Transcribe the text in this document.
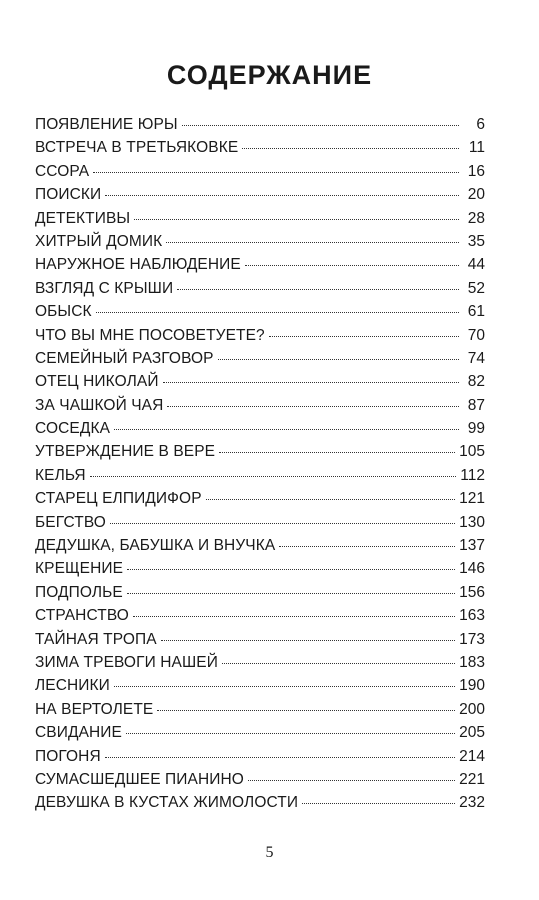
СОДЕРЖАНИЕ
ПОЯВЛЕНИЕ ЮРЫ	6
ВСТРЕЧА В ТРЕТЬЯКОВКЕ	11
ССОРА	16
ПОИСКИ	20
ДЕТЕКТИВЫ	28
ХИТРЫЙ ДОМИК	35
НАРУЖНОЕ НАБЛЮДЕНИЕ	44
ВЗГЛЯД С КРЫШИ	52
ОБЫСК	61
ЧТО ВЫ МНЕ ПОСОВЕТУЕТЕ?	70
СЕМЕЙНЫЙ РАЗГОВОР	74
ОТЕЦ НИКОЛАЙ	82
ЗА ЧАШКОЙ ЧАЯ	87
СОСЕДКА	99
УТВЕРЖДЕНИЕ В ВЕРЕ	105
КЕЛЬЯ	112
СТАРЕЦ ЕЛПИДИФОР	121
БЕГСТВО	130
ДЕДУШКА, БАБУШКА И ВНУЧКА	137
КРЕЩЕНИЕ	146
ПОДПОЛЬЕ	156
СТРАНСТВО	163
ТАЙНАЯ ТРОПА	173
ЗИМА ТРЕВОГИ НАШЕЙ	183
ЛЕСНИКИ	190
НА ВЕРТОЛЕТЕ	200
СВИДАНИЕ	205
ПОГОНЯ	214
СУМАСШЕДШЕЕ ПИАНИНО	221
ДЕВУШКА В КУСТАХ ЖИМОЛОСТИ	232
5
